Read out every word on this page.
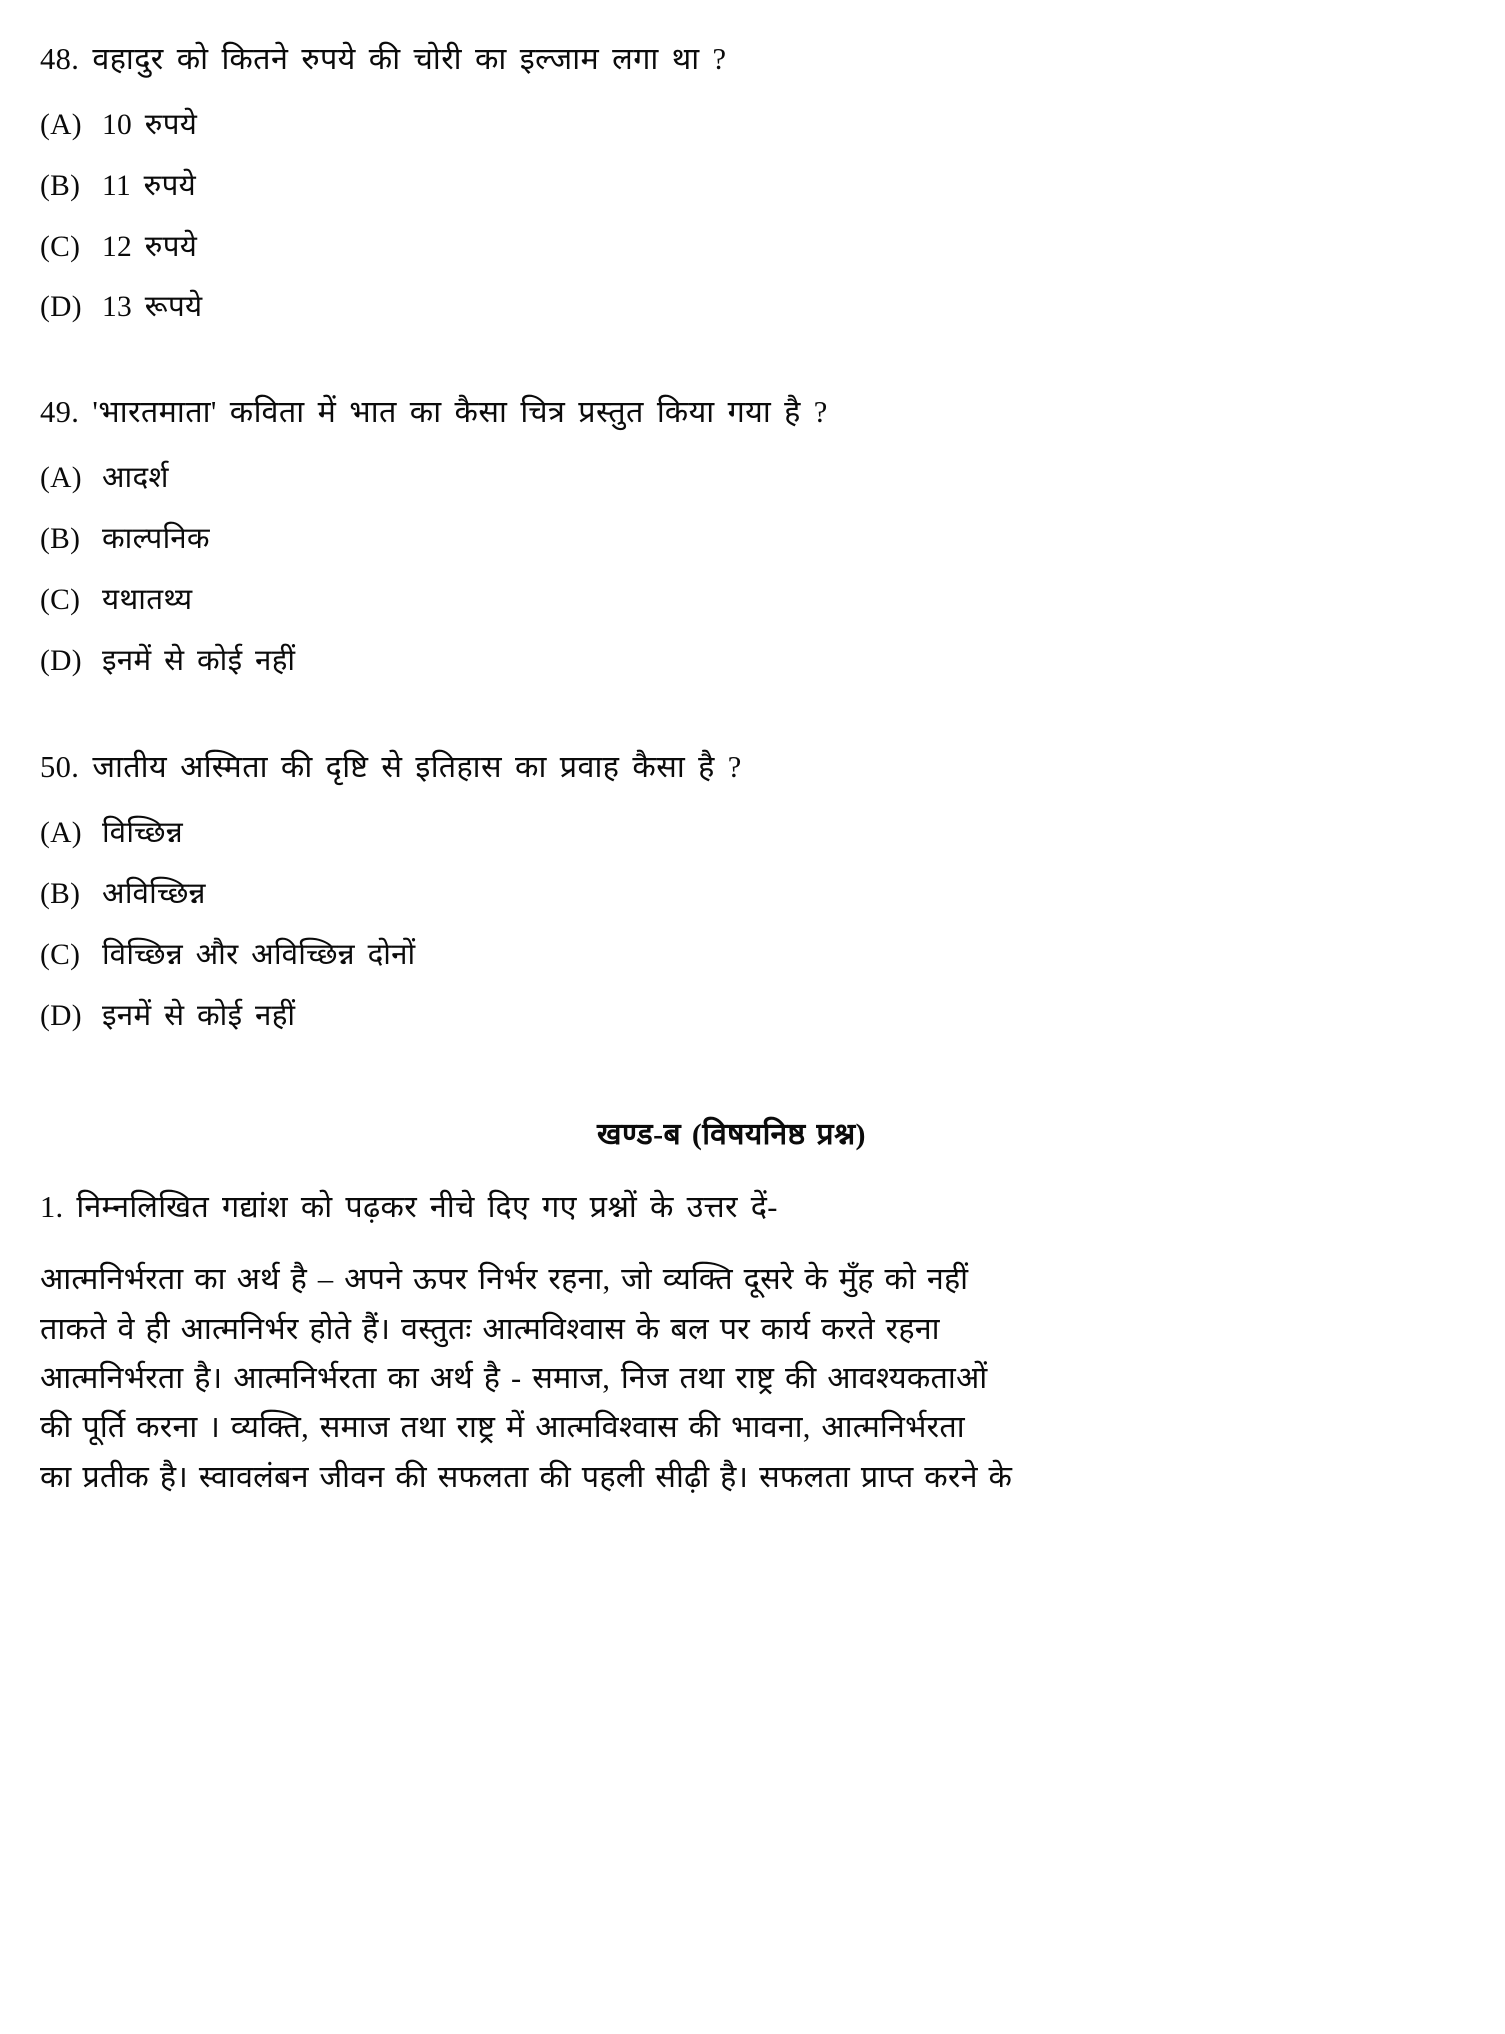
48. वहादुर को कितने रुपये की चोरी का इल्जाम लगा था ?
(A) 10 रुपये
(B) 11 रुपये
(C) 12 रुपये
(D) 13 रूपये
49. 'भारतमाता' कविता में भात का कैसा चित्र प्रस्तुत किया गया है ?
(A) आदर्श
(B) काल्पनिक
(C) यथातथ्य
(D) इनमें से कोई नहीं
50. जातीय अस्मिता की दृष्टि से इतिहास का प्रवाह कैसा है ?
(A) विच्छिन्न
(B) अविच्छिन्न
(C) विच्छिन्न और अविच्छिन्न दोनों
(D) इनमें से कोई नहीं
खण्ड-ब (विषयनिष्ठ प्रश्न)
1. निम्नलिखित गद्यांश को पढ़कर नीचे दिए गए प्रश्नों के उत्तर दें-
आत्मनिर्भरता का अर्थ है – अपने ऊपर निर्भर रहना, जो व्यक्ति दूसरे के मुँह को नहीं
ताकते वे ही आत्मनिर्भर होते हैं। वस्तुतः आत्मविश्वास के बल पर कार्य करते रहना
आत्मनिर्भरता है। आत्मनिर्भरता का अर्थ है - समाज, निज तथा राष्ट्र की आवश्यकताओं
की पूर्ति करना । व्यक्ति, समाज तथा राष्ट्र में आत्मविश्वास की भावना, आत्मनिर्भरता
का प्रतीक है। स्वावलंबन जीवन की सफलता की पहली सीढ़ी है। सफलता प्राप्त करने के
